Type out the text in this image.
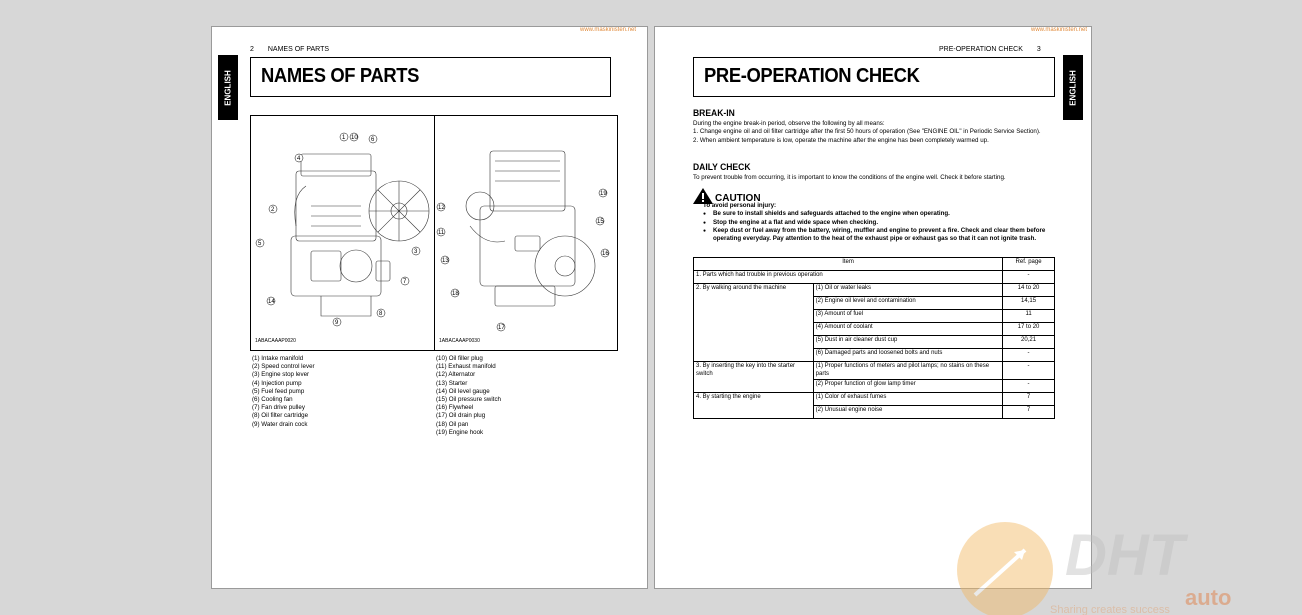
www.maskinisten.net
2 NAMES OF PARTS
ENGLISH NAMES OF PARTS
1 10 6
4
2
5
3
7
8
14
9
1ABACAAAP0020
19
12
11
15
13
16
18
17
1ABACAAAP0030
(1) Intake manifold
(2) Speed control lever
(3) Engine stop lever
(4) Injection pump
(5) Fuel feed pump
(6) Cooling fan
(7) Fan drive pulley
(8) Oil filter cartridge
(9) Water drain cock
(10) Oil filler plug
(11) Exhaust manifold
(12) Alternator
(13) Starter
(14) Oil level gauge
(15) Oil pressure switch
(16) Flywheel
(17) Oil drain plug
(18) Oil pan
(19) Engine hook
www.maskinisten.net
PRE-OPERATION CHECK 3
ENGLISH
PRE-OPERATION CHECK
BREAK-IN
During the engine break-in period, observe the following by all means:
1. Change engine oil and oil filter cartridge after the first 50 hours of operation (See "ENGINE OIL" in Periodic Service Section).
2. When ambient temperature is low, operate the machine after the engine has been completely warmed up.
DAILY CHECK
To prevent trouble from occurring, it is important to know the conditions of the engine well. Check it before starting.
CAUTION
To avoid personal injury:
● Be sure to install shields and safeguards attached to the engine when operating.
● Stop the engine at a flat and wide space when checking.
● Keep dust or fuel away from the battery, wiring, muffler and engine to prevent a fire. Check and clear them before operating everyday. Pay attention to the heat of the exhaust pipe or exhaust gas so that it can not ignite trash.
Item		Ref. page
1. Parts which had trouble in previous operation		-
2. By walking around the machine	(1) Oil or water leaks	14 to 20
	(2) Engine oil level and contamination	14,15
	(3) Amount of fuel	11
	(4) Amount of coolant	17 to 20
	(5) Dust in air cleaner dust cup	20,21
	(6) Damaged parts and loosened bolts and nuts	-
3. By inserting the key into the starter switch	(1) Proper functions of meters and pilot lamps; no stains on these parts	-
	(2) Proper function of glow lamp timer	-
4. By starting the engine	(1) Color of exhaust fumes	7
	(2) Unusual engine noise	7
DHT
auto
Sharing creates success
